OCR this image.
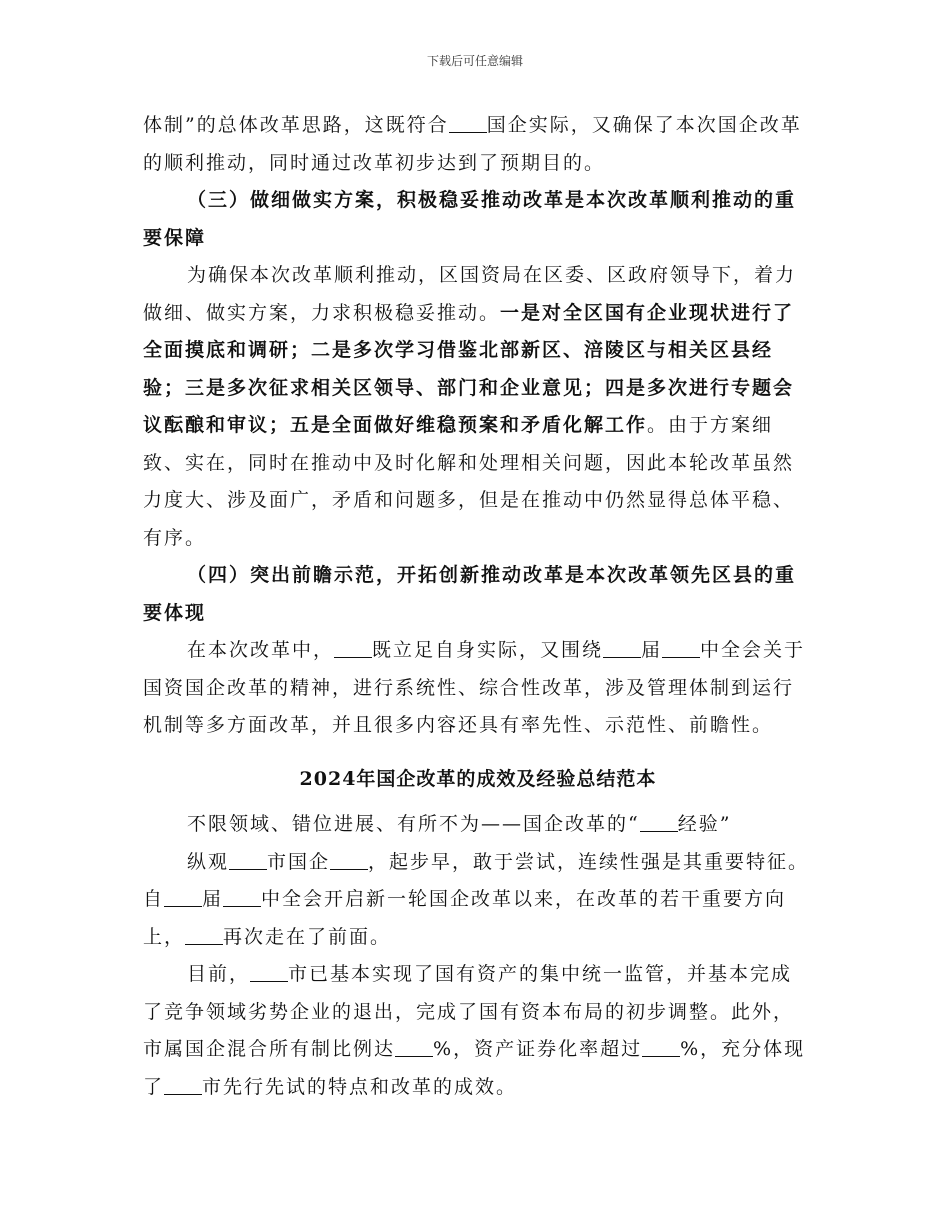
下载后可任意编辑

体制”的总体改革思路，这既符合 国企实际，又确保了本次国企改革的顺利推动，同时通过改革初步达到了预期目的。

（三）做细做实方案，积极稳妥推动改革是本次改革顺利推动的重要保障

为确保本次改革顺利推动，区国资局在区委、区政府领导下，着力做细、做实方案，力求积极稳妥推动。一是对全区国有企业现状进行了全面摸底和调研；二是多次学习借鉴北部新区、涪陵区与相关区县经验；三是多次征求相关区领导、部门和企业意见；四是多次进行专题会议酝酿和审议；五是全面做好维稳预案和矛盾化解工作。由于方案细致、实在，同时在推动中及时化解和处理相关问题，因此本轮改革虽然力度大、涉及面广，矛盾和问题多，但是在推动中仍然显得总体平稳、有序。

（四）突出前瞻示范，开拓创新推动改革是本次改革领先区县的重要体现

在本次改革中， 既立足自身实际，又围绕 届 中全会关于国资国企改革的精神，进行系统性、综合性改革，涉及管理体制到运行机制等多方面改革，并且很多内容还具有率先性、示范性、前瞻性。

2024年国企改革的成效及经验总结范本

不限领域、错位进展、有所不为——国企改革的“ 经验”

纵观 市国企 ，起步早，敢于尝试，连续性强是其重要特征。自 届 中全会开启新一轮国企改革以来，在改革的若干重要方向上， 再次走在了前面。

目前， 市已基本实现了国有资产的集中统一监管，并基本完成了竞争领域劣势企业的退出，完成了国有资本布局的初步调整。此外，市属国企混合所有制比例达 %，资产证券化率超过 %，充分体现了 市先行先试的特点和改革的成效。
